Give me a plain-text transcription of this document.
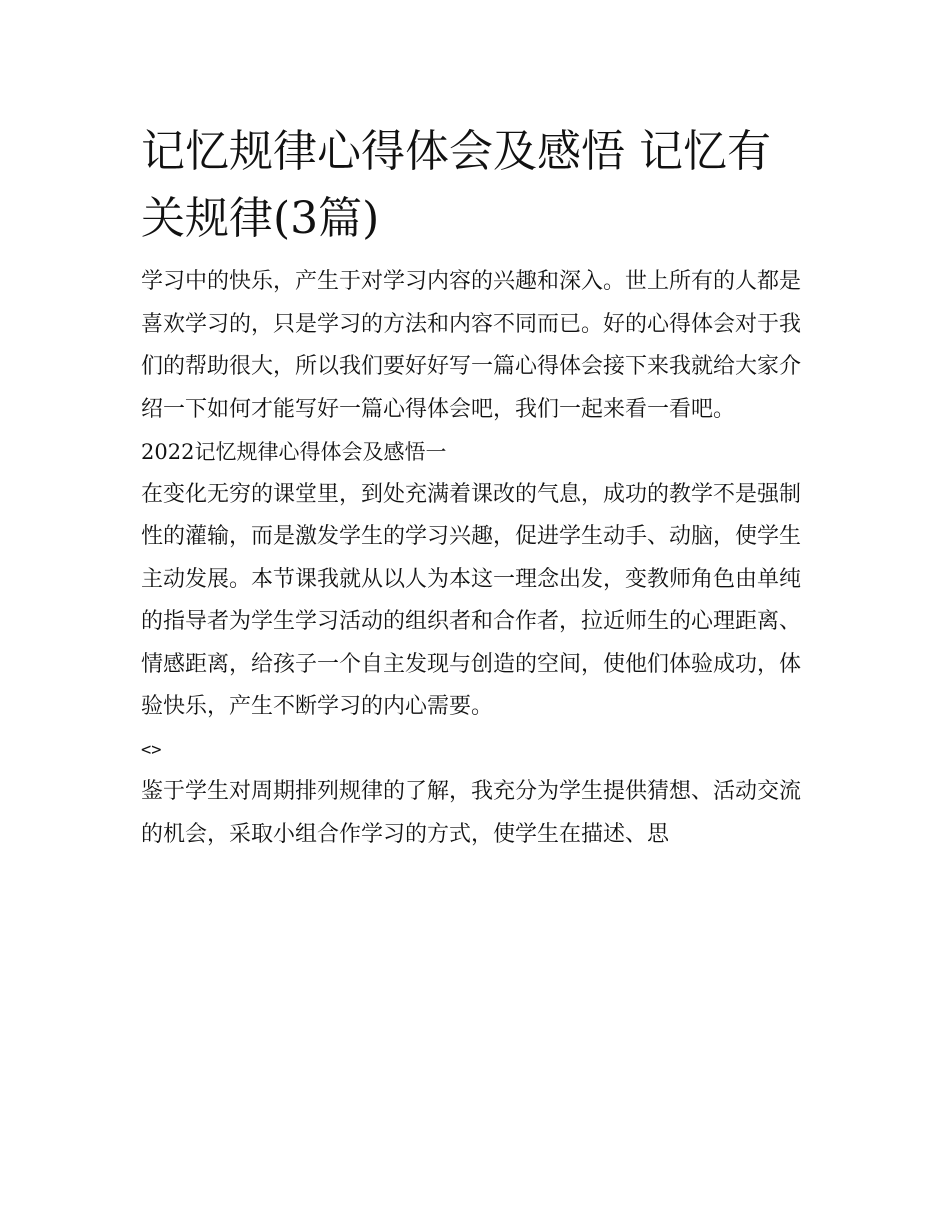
记忆规律心得体会及感悟 记忆有关规律(3篇)

学习中的快乐，产生于对学习内容的兴趣和深入。世上所有的人都是喜欢学习的，只是学习的方法和内容不同而已。好的心得体会对于我们的帮助很大，所以我们要好好写一篇心得体会接下来我就给大家介绍一下如何才能写好一篇心得体会吧，我们一起来看一看吧。

2022记忆规律心得体会及感悟一

在变化无穷的课堂里，到处充满着课改的气息，成功的教学不是强制性的灌输，而是激发学生的学习兴趣，促进学生动手、动脑，使学生主动发展。本节课我就从以人为本这一理念出发，变教师角色由单纯的指导者为学生学习活动的组织者和合作者，拉近师生的心理距离、情感距离，给孩子一个自主发现与创造的空间，使他们体验成功，体验快乐，产生不断学习的内心需要。

<>

鉴于学生对周期排列规律的了解，我充分为学生提供猜想、活动交流的机会，采取小组合作学习的方式，使学生在描述、思
